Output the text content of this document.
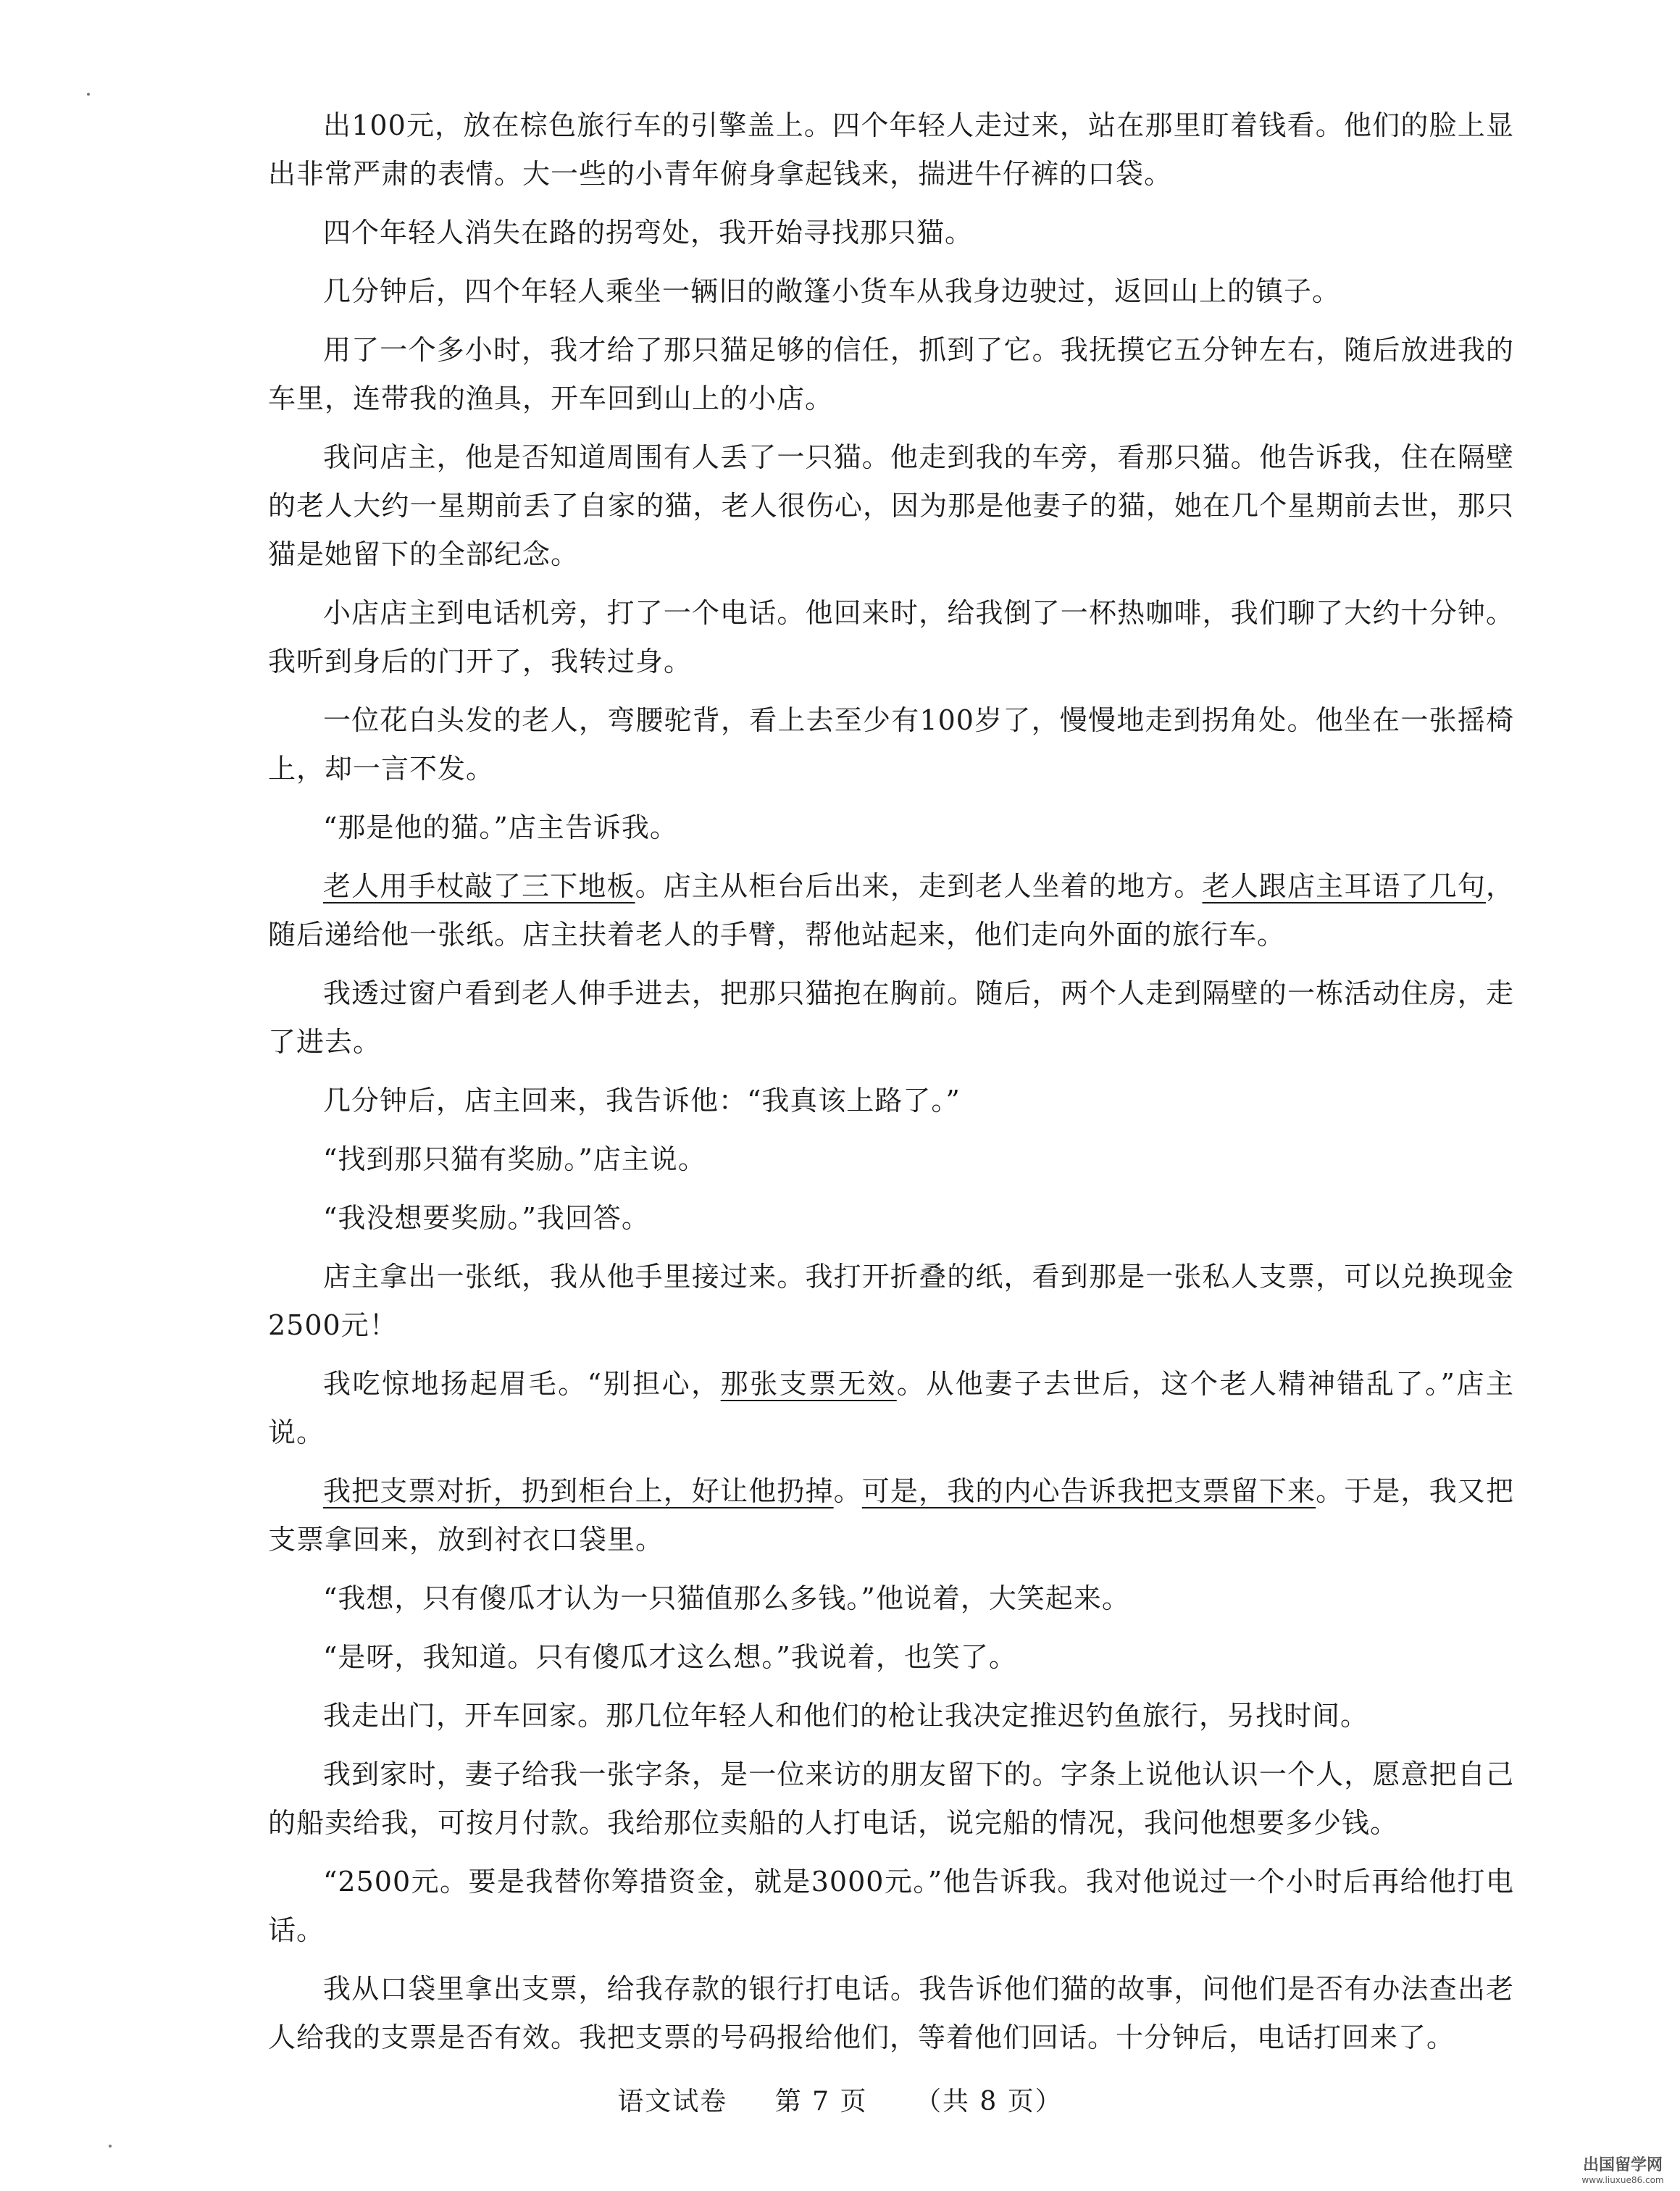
出100元，放在棕色旅行车的引擎盖上。四个年轻人走过来，站在那里盯着钱看。他们的脸上显出非常严肃的表情。大一些的小青年俯身拿起钱来，揣进牛仔裤的口袋。

四个年轻人消失在路的拐弯处，我开始寻找那只猫。

几分钟后，四个年轻人乘坐一辆旧的敞篷小货车从我身边驶过，返回山上的镇子。

用了一个多小时，我才给了那只猫足够的信任，抓到了它。我抚摸它五分钟左右，随后放进我的车里，连带我的渔具，开车回到山上的小店。

我问店主，他是否知道周围有人丢了一只猫。他走到我的车旁，看那只猫。他告诉我，住在隔壁的老人大约一星期前丢了自家的猫，老人很伤心，因为那是他妻子的猫，她在几个星期前去世，那只猫是她留下的全部纪念。

小店店主到电话机旁，打了一个电话。他回来时，给我倒了一杯热咖啡，我们聊了大约十分钟。我听到身后的门开了，我转过身。

一位花白头发的老人，弯腰驼背，看上去至少有100岁了，慢慢地走到拐角处。他坐在一张摇椅上，却一言不发。

“那是他的猫。”店主告诉我。

老人用手杖敲了三下地板。店主从柜台后出来，走到老人坐着的地方。老人跟店主耳语了几句，随后递给他一张纸。店主扶着老人的手臂，帮他站起来，他们走向外面的旅行车。

我透过窗户看到老人伸手进去，把那只猫抱在胸前。随后，两个人走到隔壁的一栋活动住房，走了进去。

几分钟后，店主回来，我告诉他：“我真该上路了。”

“找到那只猫有奖励。”店主说。

“我没想要奖励。”我回答。

店主拿出一张纸，我从他手里接过来。我打开折叠的纸，看到那是一张私人支票，可以兑换现金2500元！

我吃惊地扬起眉毛。“别担心，那张支票无效。从他妻子去世后，这个老人精神错乱了。”店主说。

我把支票对折，扔到柜台上，好让他扔掉。可是，我的内心告诉我把支票留下来。于是，我又把支票拿回来，放到衬衣口袋里。

“我想，只有傻瓜才认为一只猫值那么多钱。”他说着，大笑起来。

“是呀，我知道。只有傻瓜才这么想。”我说着，也笑了。

我走出门，开车回家。那几位年轻人和他们的枪让我决定推迟钓鱼旅行，另找时间。

我到家时，妻子给我一张字条，是一位来访的朋友留下的。字条上说他认识一个人，愿意把自己的船卖给我，可按月付款。我给那位卖船的人打电话，说完船的情况，我问他想要多少钱。

“2500元。要是我替你筹措资金，就是3000元。”他告诉我。我对他说过一个小时后再给他打电话。

我从口袋里拿出支票，给我存款的银行打电话。我告诉他们猫的故事，问他们是否有办法查出老人给我的支票是否有效。我把支票的号码报给他们，等着他们回话。十分钟后，电话打回来了。

语文试卷 第 7 页 （共 8 页）
出国留学网
www.liuxue86.com
